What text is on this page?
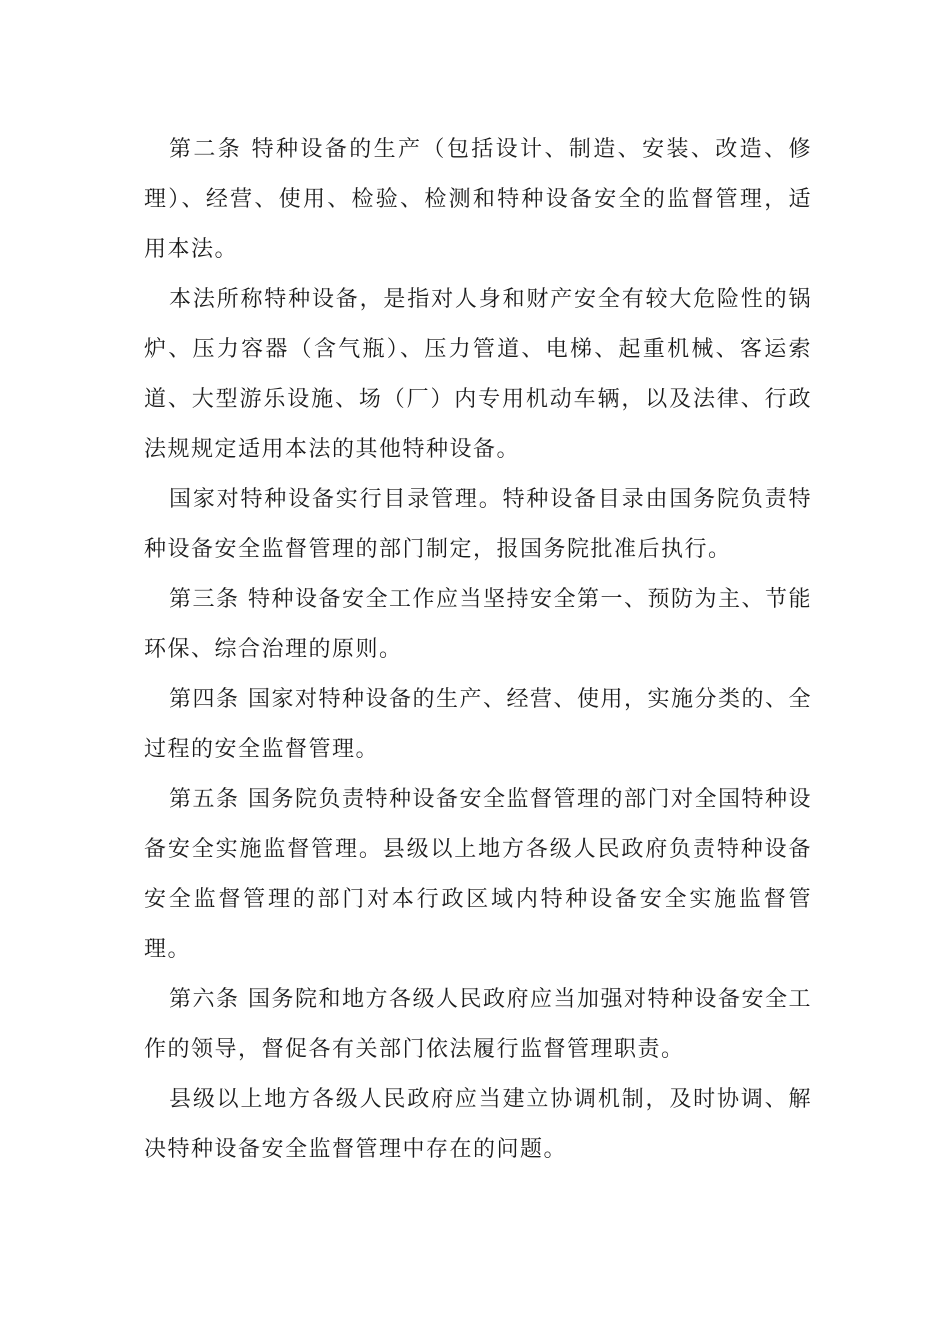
第二条 特种设备的生产（包括设计、制造、安装、改造、修理）、经营、使用、检验、检测和特种设备安全的监督管理，适用本法。

本法所称特种设备，是指对人身和财产安全有较大危险性的锅炉、压力容器（含气瓶）、压力管道、电梯、起重机械、客运索道、大型游乐设施、场（厂）内专用机动车辆，以及法律、行政法规规定适用本法的其他特种设备。

国家对特种设备实行目录管理。特种设备目录由国务院负责特种设备安全监督管理的部门制定，报国务院批准后执行。

第三条 特种设备安全工作应当坚持安全第一、预防为主、节能环保、综合治理的原则。

第四条 国家对特种设备的生产、经营、使用，实施分类的、全过程的安全监督管理。

第五条 国务院负责特种设备安全监督管理的部门对全国特种设备安全实施监督管理。县级以上地方各级人民政府负责特种设备安全监督管理的部门对本行政区域内特种设备安全实施监督管理。

第六条 国务院和地方各级人民政府应当加强对特种设备安全工作的领导，督促各有关部门依法履行监督管理职责。

县级以上地方各级人民政府应当建立协调机制，及时协调、解决特种设备安全监督管理中存在的问题。
